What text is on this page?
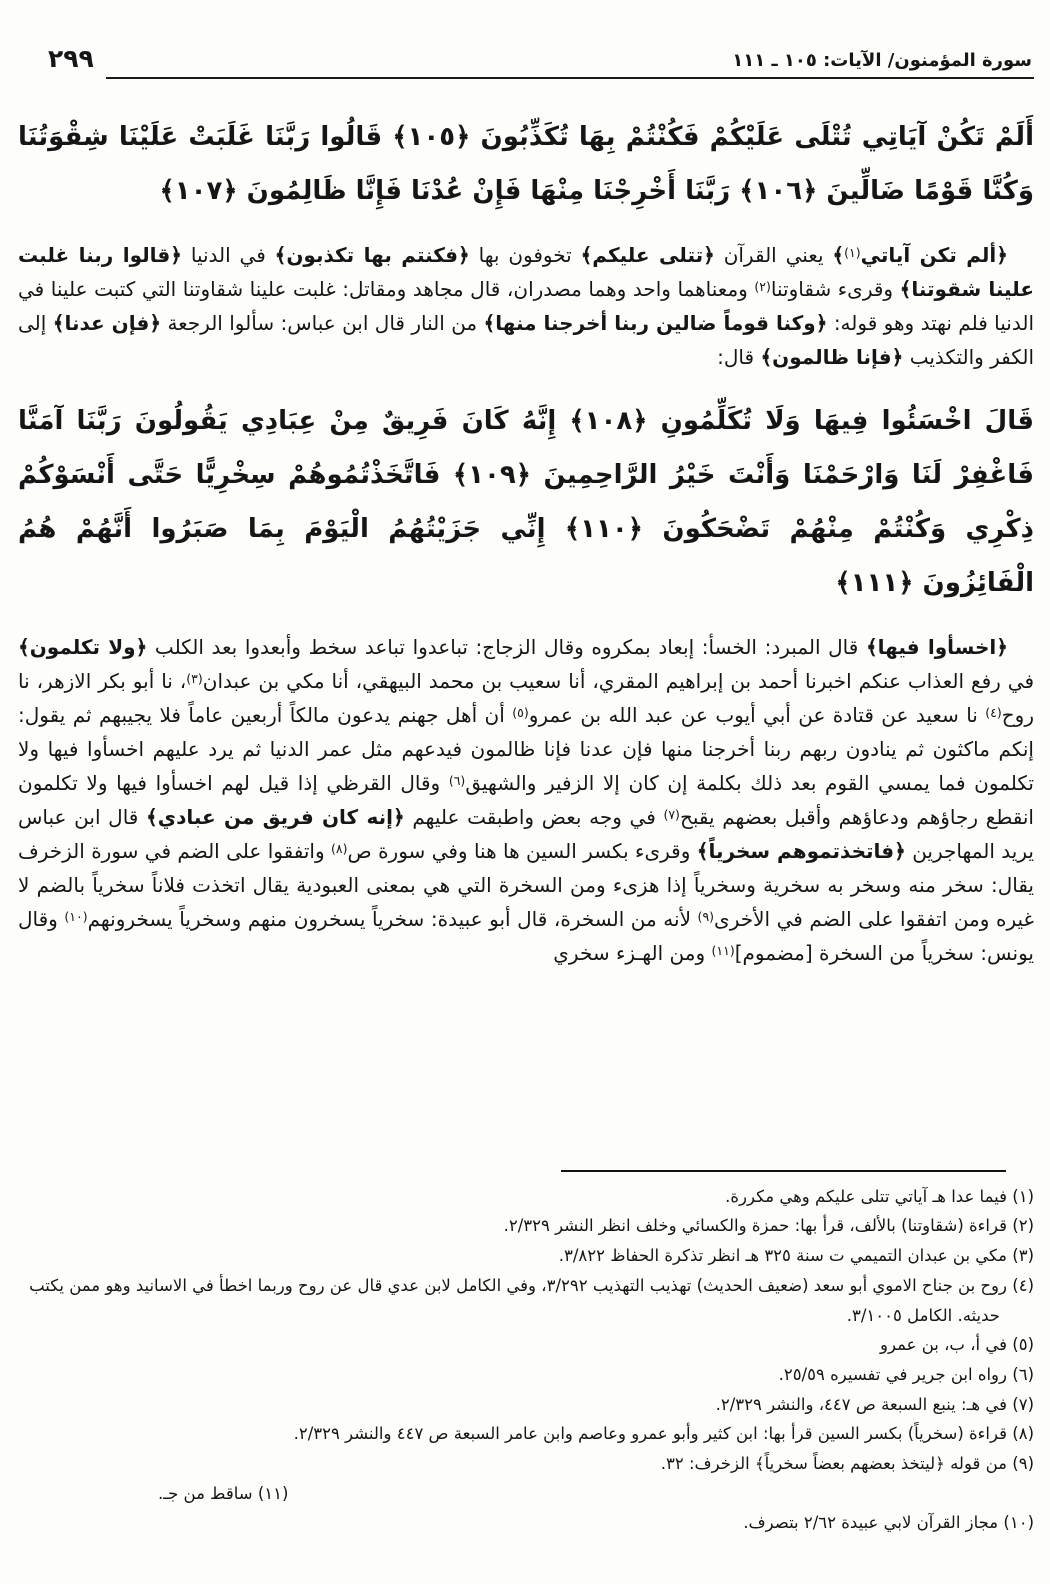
٢٩٩	سورة المؤمنون/ الآيات: ١٠٥ ـ ١١١
أَلَمْ تَكُنْ آيَاتِي تُتْلَى عَلَيْكُمْ فَكُنْتُمْ بِهَا تُكَذِّبُونَ ﴿١٠٥﴾ قَالُوا رَبَّنَا غَلَبَتْ عَلَيْنَا شِقْوَتُنَا وَكُنَّا قَوْمًا ضَالِّينَ ﴿١٠٦﴾ رَبَّنَا أَخْرِجْنَا مِنْهَا فَإِنْ عُدْنَا فَإِنَّا ظَالِمُونَ ﴿١٠٧﴾

﴿ألم تكن آياتي$^{(١)}$﴾ يعني القرآن ﴿تتلى عليكم﴾ تخوفون بها ﴿فكنتم بها تكذبون﴾ في الدنيا ﴿قالوا ربنا غلبت علينا شقوتنا﴾ وقرىء شقاوتنا$^{(٢)}$ ومعناهما واحد وهما مصدران، قال مجاهد ومقاتل: غلبت علينا شقاوتنا التي كتبت علينا في الدنيا فلم نهتد وهو قوله: ﴿وكنا قوماً ضالين ربنا أخرجنا منها﴾ من النار قال ابن عباس: سألوا الرجعة ﴿فإن عدنا﴾ إلى الكفر والتكذيب ﴿فإنا ظالمون﴾ قال:

قَالَ اخْسَئُوا فِيهَا وَلَا تُكَلِّمُونِ ﴿١٠٨﴾ إِنَّهُ كَانَ فَرِيقٌ مِنْ عِبَادِي يَقُولُونَ رَبَّنَا آمَنَّا فَاغْفِرْ لَنَا وَارْحَمْنَا وَأَنْتَ خَيْرُ الرَّاحِمِينَ ﴿١٠٩﴾ فَاتَّخَذْتُمُوهُمْ سِخْرِيًّا حَتَّى أَنْسَوْكُمْ ذِكْرِي وَكُنْتُمْ مِنْهُمْ تَضْحَكُونَ ﴿١١٠﴾ إِنِّي جَزَيْتُهُمُ الْيَوْمَ بِمَا صَبَرُوا أَنَّهُمْ هُمُ الْفَائِزُونَ ﴿١١١﴾

﴿اخسأوا فيها﴾ قال المبرد: الخسأ: إبعاد بمكروه وقال الزجاج: تباعدوا تباعد سخط وأبعدوا بعد الكلب ﴿ولا تكلمون﴾ في رفع العذاب عنكم اخبرنا أحمد بن إبراهيم المقري، أنا سعيب بن محمد البيهقي، أنا مكي بن عبدان$^{(٣)}$، نا أبو بكر الازهر، نا روح$^{(٤)}$ نا سعيد عن قتادة عن أبي أيوب عن عبد الله بن عمرو$^{(٥)}$ أن أهل جهنم يدعون مالكاً أربعين عاماً فلا يجيبهم ثم يقول: إنكم ماكثون ثم ينادون ربهم ربنا أخرجنا منها فإن عدنا فإنا ظالمون فيدعهم مثل عمر الدنيا ثم يرد عليهم اخسأوا فيها ولا تكلمون فما يمسي القوم بعد ذلك بكلمة إن كان إلا الزفير والشهيق$^{(٦)}$ وقال القرظي إذا قيل لهم اخسأوا فيها ولا تكلمون انقطع رجاؤهم ودعاؤهم وأقبل بعضهم يقبح$^{(٧)}$ في وجه بعض واطبقت عليهم ﴿إنه كان فريق من عبادي﴾ قال ابن عباس يريد المهاجرين ﴿فاتخذتموهم سخرياً﴾ وقرىء بكسر السين ها هنا وفي سورة ص$^{(٨)}$ واتفقوا على الضم في سورة الزخرف يقال: سخر منه وسخر به سخرية وسخرياً إذا هزىء ومن السخرة التي هي بمعنى العبودية يقال اتخذت فلاناً سخرياً بالضم لا غيره ومن اتفقوا على الضم في الأخرى$^{(٩)}$ لأنه من السخرة، قال أبو عبيدة: سخرياً يسخرون منهم وسخرياً يسخرونهم$^{(١٠)}$ وقال يونس: سخرياً من السخرة [مضموم]$^{(١١)}$ ومن الهـزء سخري

(١) فيما عدا هـ آياتي تتلى عليكم وهي مكررة.
(٢) قراءة (شقاوتنا) بالألف، قرأ بها: حمزة والكسائي وخلف انظر النشر ٢/٣٢٩.
(٣) مكي بن عبدان التميمي ت سنة ٣٢٥ هـ انظر تذكرة الحفاظ ٣/٨٢٢.
(٤) روح بن جناح الاموي أبو سعد (ضعيف الحديث) تهذيب التهذيب ٣/٢٩٢، وفي الكامل لابن عدي قال عن روح وربما اخطأ في الاسانيد وهو ممن يكتب حديثه. الكامل ٣/١٠٠٥.
(٥) في أ، ب، بن عمرو
(٦) رواه ابن جرير في تفسيره ٢٥/٥٩.
(٧) في هـ: ينبع السبعة ص ٤٤٧، والنشر ٢/٣٢٩.
(٨) قراءة (سخرياً) بكسر السين قرأ بها: ابن كثير وأبو عمرو وعاصم وابن عامر السبعة ص ٤٤٧ والنشر ٢/٣٢٩.
(٩) من قوله ﴿ليتخذ بعضهم بعضاً سخرياً﴾ الزخرف: ٣٢.
(١١) ساقط من جـ.
(١٠) مجاز القرآن لابي عبيدة ٢/٦٢ بتصرف.
